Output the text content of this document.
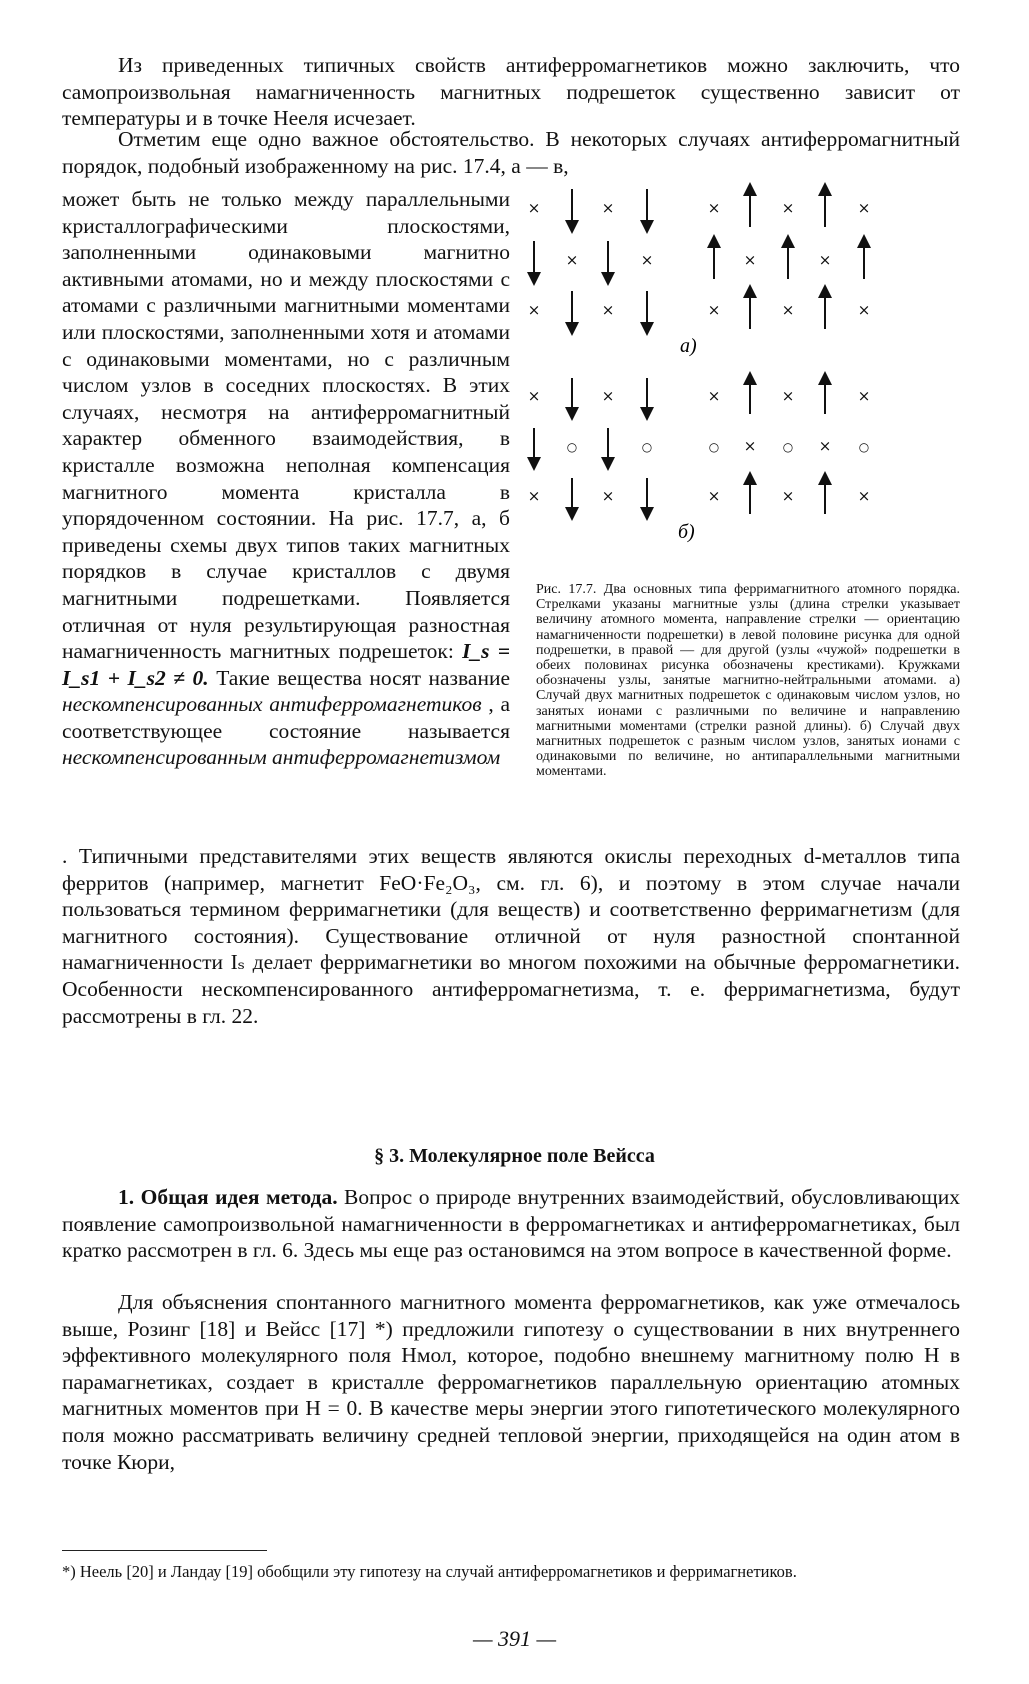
Из приведенных типичных свойств антиферромагнетиков можно заключить, что самопроизвольная намагниченность магнитных подрешеток существенно зависит от температуры и в точке Нееля исчезает.

Отметим еще одно важное обстоятельство. В некоторых случаях антиферромагнитный порядок, подобный изображенному на рис. 17.4, а — в,

может быть не только между параллельными кристаллографическими плоскостями, заполненными одинаковыми магнитно активными атомами, но и между плоскостями с атомами с различными магнитными моментами или плоскостями, заполненными хотя и атомами с одинаковыми моментами, но с различным числом узлов в соседних плоскостях. В этих случаях, несмотря на антиферромагнитный характер обменного взаимодействия, в кристалле возможна неполная компенсация магнитного момента кристалла в упорядоченном состоянии. На рис. 17.7, а, б приведены схемы двух типов таких магнитных порядков в случае кристаллов с двумя магнитными подрешетками. Появляется отличная от нуля результирующая разностная намагниченность магнитных подрешеток: I_s = I_s1 + I_s2 ≠ 0. Такие вещества носят название нескомпенсированных антиферромагнетиков , а соответствующее состояние называется нескомпенсированным антиферромагнетизмом

. Типичными представителями этих веществ являются окислы переходных d-металлов типа ферритов (например, магнетит FeO·Fe₂O₃, см. гл. 6), и поэтому в этом случае начали пользоваться термином ферримагнетики (для веществ) и соответственно ферримагнетизм (для магнитного состояния). Существование отличной от нуля разностной спонтанной намагниченности Iₛ делает ферримагнетики во многом похожими на обычные ферромагнетики. Особенности нескомпенсированного антиферромагнетизма, т. е. ферримагнетизма, будут рассмотрены в гл. 22.

×	×	×	×	×
×	×	×	×
×	×	×	×	×
×	×	×	×	×
×	×	×	×	×
○	○	○ × ○ × ○
а)
б)

Рис. 17.7. Два основных типа ферримагнитного атомного порядка. Стрелками указаны магнитные узлы (длина стрелки указывает величину атомного момента, направление стрелки — ориентацию намагниченности подрешетки) в левой половине рисунка для одной подрешетки, в правой — для другой (узлы «чужой» подрешетки в обеих половинах рисунка обозначены крестиками). Кружками обозначены узлы, занятые магнитно-нейтральными атомами. а) Случай двух магнитных подрешеток с одинаковым числом узлов, но занятых ионами с различными по величине и направлению магнитными моментами (стрелки разной длины). б) Случай двух магнитных подрешеток с разным числом узлов, занятых ионами с одинаковыми по величине, но антипараллельными магнитными моментами.

§ 3. Молекулярное поле Вейсса

1. Общая идея метода. Вопрос о природе внутренних взаимодействий, обусловливающих появление самопроизвольной намагниченности в ферромагнетиках и антиферромагнетиках, был кратко рассмотрен в гл. 6. Здесь мы еще раз остановимся на этом вопросе в качественной форме.

Для объяснения спонтанного магнитного момента ферромагнетиков, как уже отмечалось выше, Розинг [18] и Вейсс [17] *) предложили гипотезу о существовании в них внутреннего эффективного молекулярного поля Hмол, которое, подобно внешнему магнитному полю H в парамагнетиках, создает в кристалле ферромагнетиков параллельную ориентацию атомных магнитных моментов при H = 0. В качестве меры энергии этого гипотетического молекулярного поля можно рассматривать величину средней тепловой энергии, приходящейся на один атом в точке Кюри,

*) Неель [20] и Ландау [19] обобщили эту гипотезу на случай антиферромагнетиков и ферримагнетиков.

— 391 —
